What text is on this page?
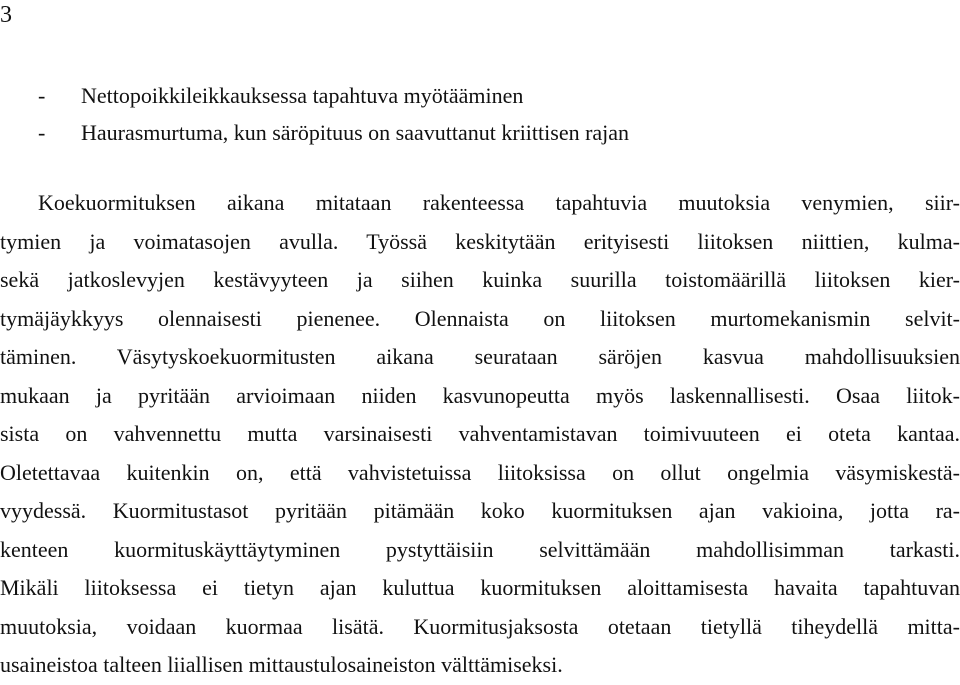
3
-	Nettopoikkileikkauksessa tapahtuva myötääminen
-	Haurasmurtuma, kun säröpituus on saavuttanut kriittisen rajan
Koekuormituksen aikana mitataan rakenteessa tapahtuvia muutoksia venymien, siir-
tymien ja voimatasojen avulla. Työssä keskitytään erityisesti liitoksen niittien, kulma-
sekä jatkoslevyjen kestävyyteen ja siihen kuinka suurilla toistomäärillä liitoksen kier-
tymäjäykkyys olennaisesti pienenee. Olennaista on liitoksen murtomekanismin selvit-
täminen. Väsytyskoekuormitusten aikana seurataan säröjen kasvua mahdollisuuksien
mukaan ja pyritään arvioimaan niiden kasvunopeutta myös laskennallisesti. Osaa liitok-
sista on vahvennettu mutta varsinaisesti vahventamistavan toimivuuteen ei oteta kantaa.
Oletettavaa kuitenkin on, että vahvistetuissa liitoksissa on ollut ongelmia väsymiskestä-
vyydessä. Kuormitustasot pyritään pitämään koko kuormituksen ajan vakioina, jotta ra-
kenteen kuormituskäyttäytyminen pystyttäisiin selvittämään mahdollisimman tarkasti.
Mikäli liitoksessa ei tietyn ajan kuluttua kuormituksen aloittamisesta havaita tapahtuvan
muutoksia, voidaan kuormaa lisätä. Kuormitusjaksosta otetaan tietyllä tiheydellä mitta-
usaineistoa talteen liiallisen mittaustulosaineiston välttämiseksi.
